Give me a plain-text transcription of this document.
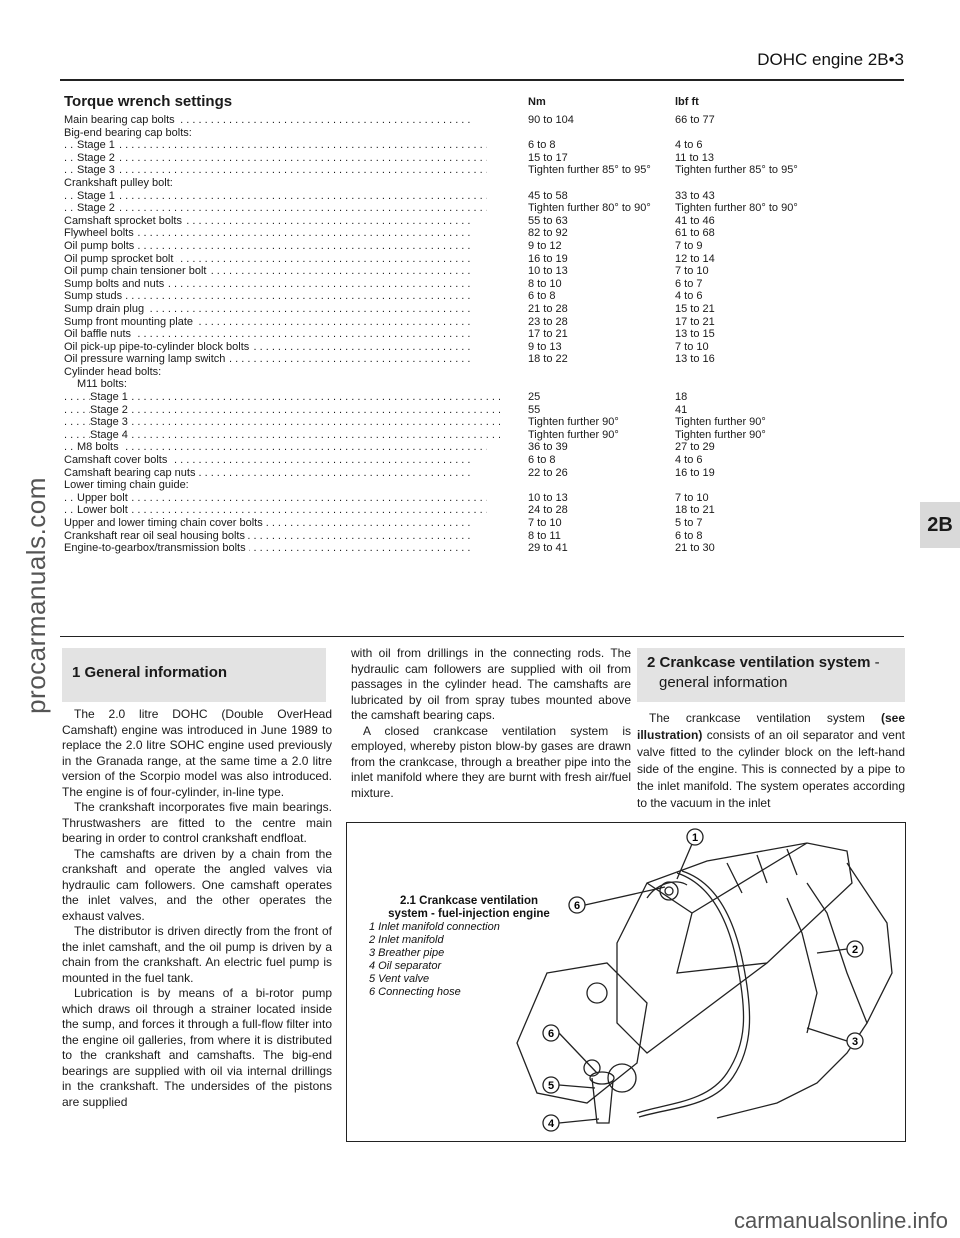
DOHC engine 2B•3
Torque wrench settings	Nm	lbf ft
Main bearing cap bolts . . .	90 to 104	66 to 77
Big-end bearing cap bolts:
Stage 1 . . .	6 to 8	4 to 6
Stage 2 . . .	15 to 17	11 to 13
Stage 3 . . .	Tighten further 85° to 95° Tighten further 85° to 95°
Crankshaft pulley bolt:
Stage 1 . . .	45 to 58	33 to 43
Stage 2 . . .	Tighten further 80° to 90° Tighten further 80° to 90°
Camshaft sprocket bolts . . .	55 to 63	41 to 46
Flywheel bolts . . .	82 to 92	61 to 68
Oil pump bolts . . .	9 to 12	7 to 9
Oil pump sprocket bolt . . .	16 to 19	12 to 14
Oil pump chain tensioner bolt . . .	10 to 13	7 to 10
Sump bolts and nuts . . .	8 to 10	6 to 7
Sump studs . . .	6 to 8	4 to 6
Sump drain plug . . .	21 to 28	15 to 21
Sump front mounting plate . . .	23 to 28	17 to 21
Oil baffle nuts . . .	17 to 21	13 to 15
Oil pick-up pipe-to-cylinder block bolts . . .	9 to 13	7 to 10
Oil pressure warning lamp switch . . .	18 to 22	13 to 16
Cylinder head bolts:
M11 bolts:
Stage 1 . . .	25	18
Stage 2 . . .	55	41
Stage 3 . . .	Tighten further 90°	Tighten further 90°
Stage 4 . . .	Tighten further 90°	Tighten further 90°
M8 bolts . . .	36 to 39	27 to 29
Camshaft cover bolts . . .	6 to 8	4 to 6
Camshaft bearing cap nuts . . .	22 to 26	16 to 19
Lower timing chain guide:
Upper bolt . . .	10 to 13	7 to 10
Lower bolt . . .	24 to 28	18 to 21
Upper and lower timing chain cover bolts . . .	7 to 10	5 to 7
Crankshaft rear oil seal housing bolts . . .	8 to 11	6 to 8
Engine-to-gearbox/transmission bolts . . .	29 to 41	21 to 30
1 General information

The 2.0 litre DOHC (Double OverHead Camshaft) engine was introduced in June 1989 to replace the 2.0 litre SOHC engine used previously in the Granada range, at the same time a 2.0 litre version of the Scorpio model was also introduced. The engine is of four-cylinder, in-line type.

The crankshaft incorporates five main bearings. Thrustwashers are fitted to the centre main bearing in order to control crankshaft endfloat.

The camshafts are driven by a chain from the crankshaft and operate the angled valves via hydraulic cam followers. One camshaft operates the inlet valves, and the other operates the exhaust valves.

The distributor is driven directly from the front of the inlet camshaft, and the oil pump is driven by a chain from the crankshaft. An electric fuel pump is mounted in the fuel tank.

Lubrication is by means of a bi-rotor pump which draws oil through a strainer located inside the sump, and forces it through a full-flow filter into the engine oil galleries, from where it is distributed to the crankshaft and camshafts. The big-end bearings are supplied with oil via internal drillings in the crankshaft. The undersides of the pistons are supplied

with oil from drillings in the connecting rods. The hydraulic cam followers are supplied with oil from passages in the cylinder head. The camshafts are lubricated by oil from spray tubes mounted above the camshaft bearing caps.

A closed crankcase ventilation system is employed, whereby piston blow-by gases are drawn from the crankcase, through a breather pipe into the inlet manifold where they are burnt with fresh air/fuel mixture.

2 Crankcase ventilation system -
general information

The crankcase ventilation system (see illustration) consists of an oil separator and vent valve fitted to the cylinder block on the left-hand side of the engine. This is connected by a pipe to the inlet manifold. The system operates according to the vacuum in the inlet

1
6
2
3
6
5
4
2.1 Crankcase ventilation
system - fuel-injection engine
1 Inlet manifold connection
2 Inlet manifold
3 Breather pipe
4 Oil separator
5 Vent valve
6 Connecting hose
2B
procarmanuals.com
carmanualsonline.info
